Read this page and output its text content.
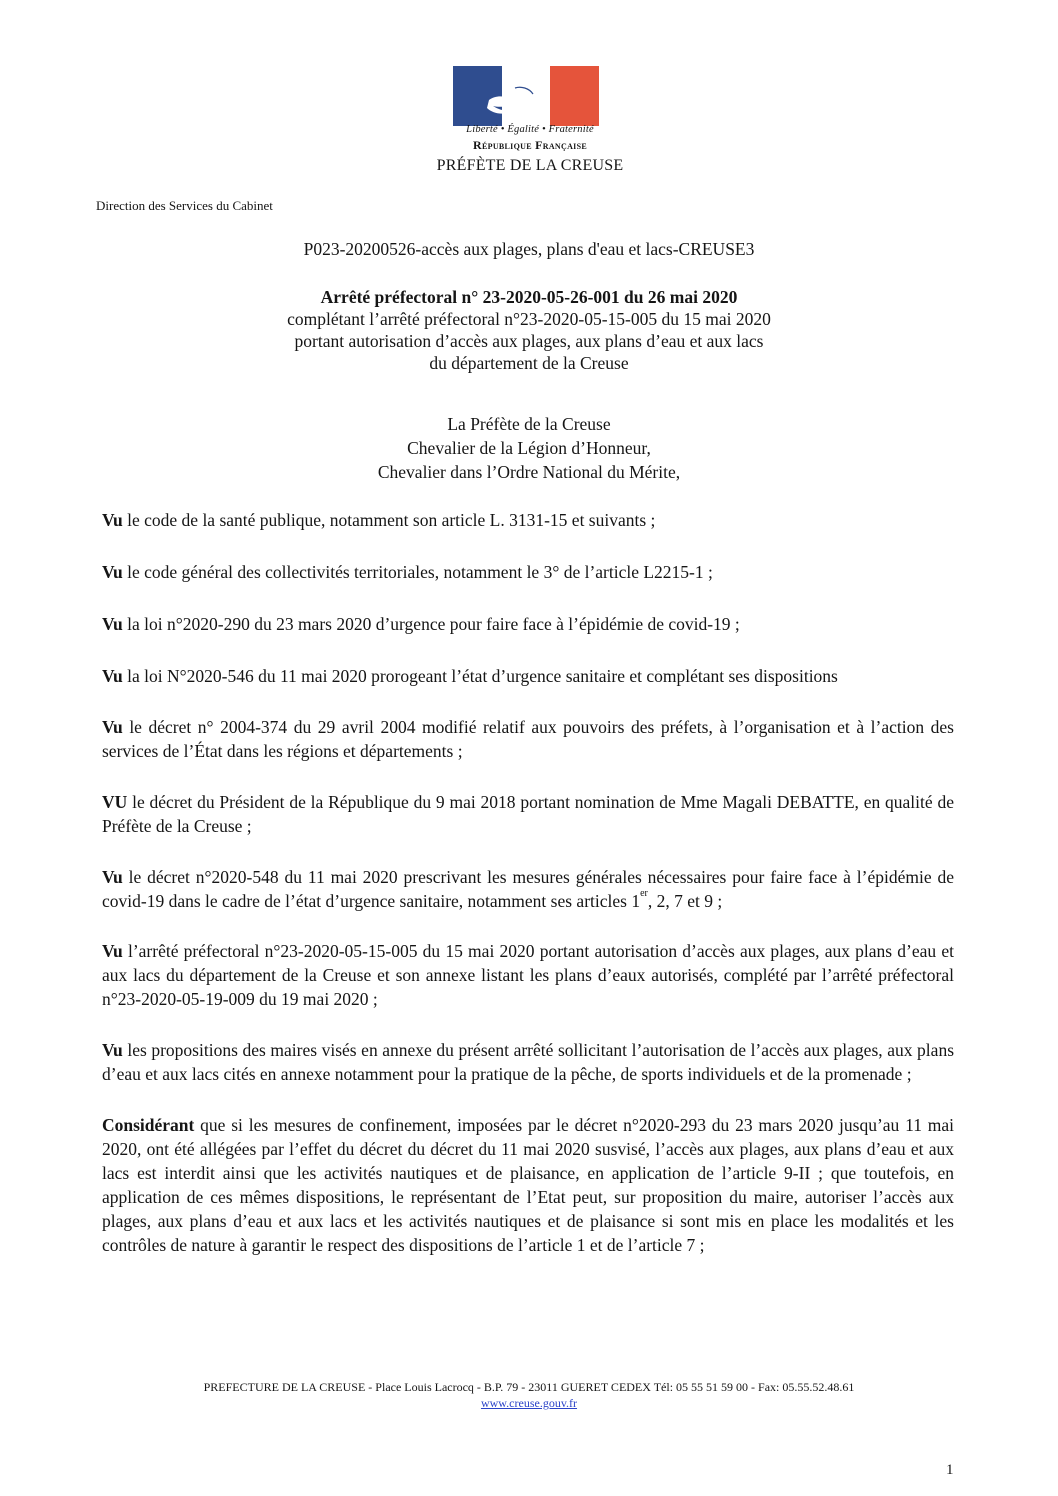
Liberté • Égalité • Fraternité
République Française
PRÉFÈTE DE LA CREUSE
Direction des Services du Cabinet
P023-20200526-accès aux plages, plans d'eau et lacs-CREUSE3
Arrêté préfectoral n° 23-2020-05-26-001 du 26 mai 2020
complétant l’arrêté préfectoral n°23-2020-05-15-005 du 15 mai 2020
portant autorisation d’accès aux plages, aux plans d’eau et aux lacs
du département de la Creuse
La Préfète de la Creuse
Chevalier de la Légion d’Honneur,
Chevalier dans l’Ordre National du Mérite,

Vu le code de la santé publique, notamment son article L. 3131-15 et suivants ;

Vu le code général des collectivités territoriales, notamment le 3° de l’article L2215-1 ;

Vu la loi n°2020-290 du 23 mars 2020 d’urgence pour faire face à l’épidémie de covid-19 ;

Vu la loi N°2020-546 du 11 mai 2020 prorogeant l’état d’urgence sanitaire et complétant ses dispositions

Vu le décret n° 2004-374 du 29 avril 2004 modifié relatif aux pouvoirs des préfets, à l’organisation et à l’action des services de l’État dans les régions et départements ;

VU le décret du Président de la République du 9 mai 2018 portant nomination de Mme Magali DEBATTE, en qualité de Préfète de la Creuse ;

Vu le décret n°2020-548 du 11 mai 2020 prescrivant les mesures générales nécessaires pour faire face à l’épidémie de covid-19 dans le cadre de l’état d’urgence sanitaire, notamment ses articles 1er, 2, 7 et 9 ;

Vu l’arrêté préfectoral n°23-2020-05-15-005 du 15 mai 2020 portant autorisation d’accès aux plages, aux plans d’eau et aux lacs du département de la Creuse et son annexe listant les plans d’eaux autorisés, complété par l’arrêté préfectoral n°23-2020-05-19-009 du 19 mai 2020 ;

Vu les propositions des maires visés en annexe du présent arrêté sollicitant l’autorisation de l’accès aux plages, aux plans d’eau et aux lacs cités en annexe notamment pour la pratique de la pêche, de sports individuels et de la promenade ;

Considérant que si les mesures de confinement, imposées par le décret n°2020-293 du 23 mars 2020 jusqu’au 11 mai 2020, ont été allégées par l’effet du décret du décret du 11 mai 2020 susvisé, l’accès aux plages, aux plans d’eau et aux lacs est interdit ainsi que les activités nautiques et de plaisance, en application de l’article 9-II ; que toutefois, en application de ces mêmes dispositions, le représentant de l’Etat peut, sur proposition du maire, autoriser l’accès aux plages, aux plans d’eau et aux lacs et les activités nautiques et de plaisance si sont mis en place les modalités et les contrôles de nature à garantir le respect des dispositions de l’article 1 et de l’article 7 ;

PREFECTURE DE LA CREUSE - Place Louis Lacrocq - B.P. 79 - 23011 GUERET CEDEX Tél: 05 55 51 59 00 - Fax: 05.55.52.48.61
www.creuse.gouv.fr
1
